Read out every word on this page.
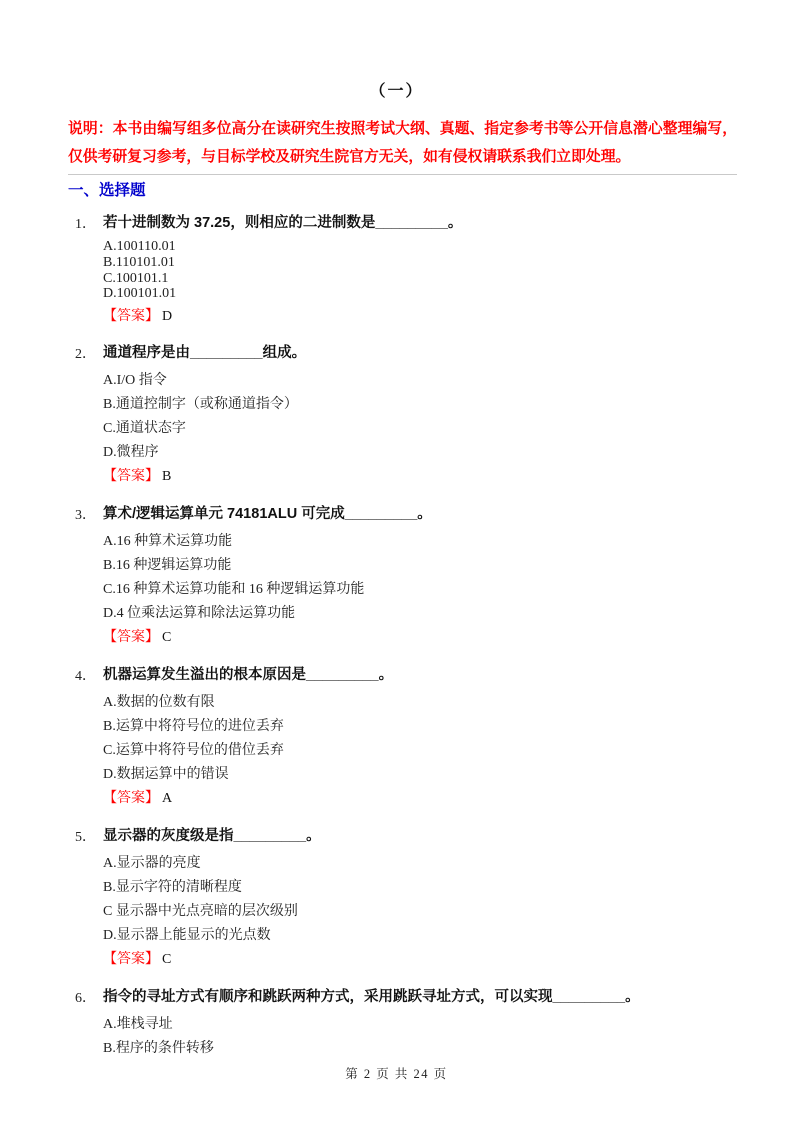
（一）
说明：本书由编写组多位高分在读研究生按照考试大纲、真题、指定参考书等公开信息潜心整理编写，仅供考研复习参考，与目标学校及研究生院官方无关，如有侵权请联系我们立即处理。
一、选择题
1． 若十进制数为 37.25，则相应的二进制数是_________。
A.100110.01
B.110101.01
C.100101.1
D.100101.01
【答案】 D
2． 通道程序是由_________组成。
A.I/O 指令
B.通道控制字（或称通道指令）
C.通道状态字
D.微程序
【答案】 B
3． 算术/逻辑运算单元 74181ALU 可完成_________。
A.16 种算术运算功能
B.16 种逻辑运算功能
C.16 种算术运算功能和 16 种逻辑运算功能
D.4 位乘法运算和除法运算功能
【答案】 C
4． 机器运算发生溢出的根本原因是_________。
A.数据的位数有限
B.运算中将符号位的进位丢弃
C.运算中将符号位的借位丢弃
D.数据运算中的错误
【答案】 A
5． 显示器的灰度级是指_________。
A.显示器的亮度
B.显示字符的清晰程度
C 显示器中光点亮暗的层次级别
D.显示器上能显示的光点数
【答案】 C
6． 指令的寻址方式有顺序和跳跃两种方式，采用跳跃寻址方式，可以实现_________。
A.堆栈寻址
B.程序的条件转移
第 2 页 共 24 页
